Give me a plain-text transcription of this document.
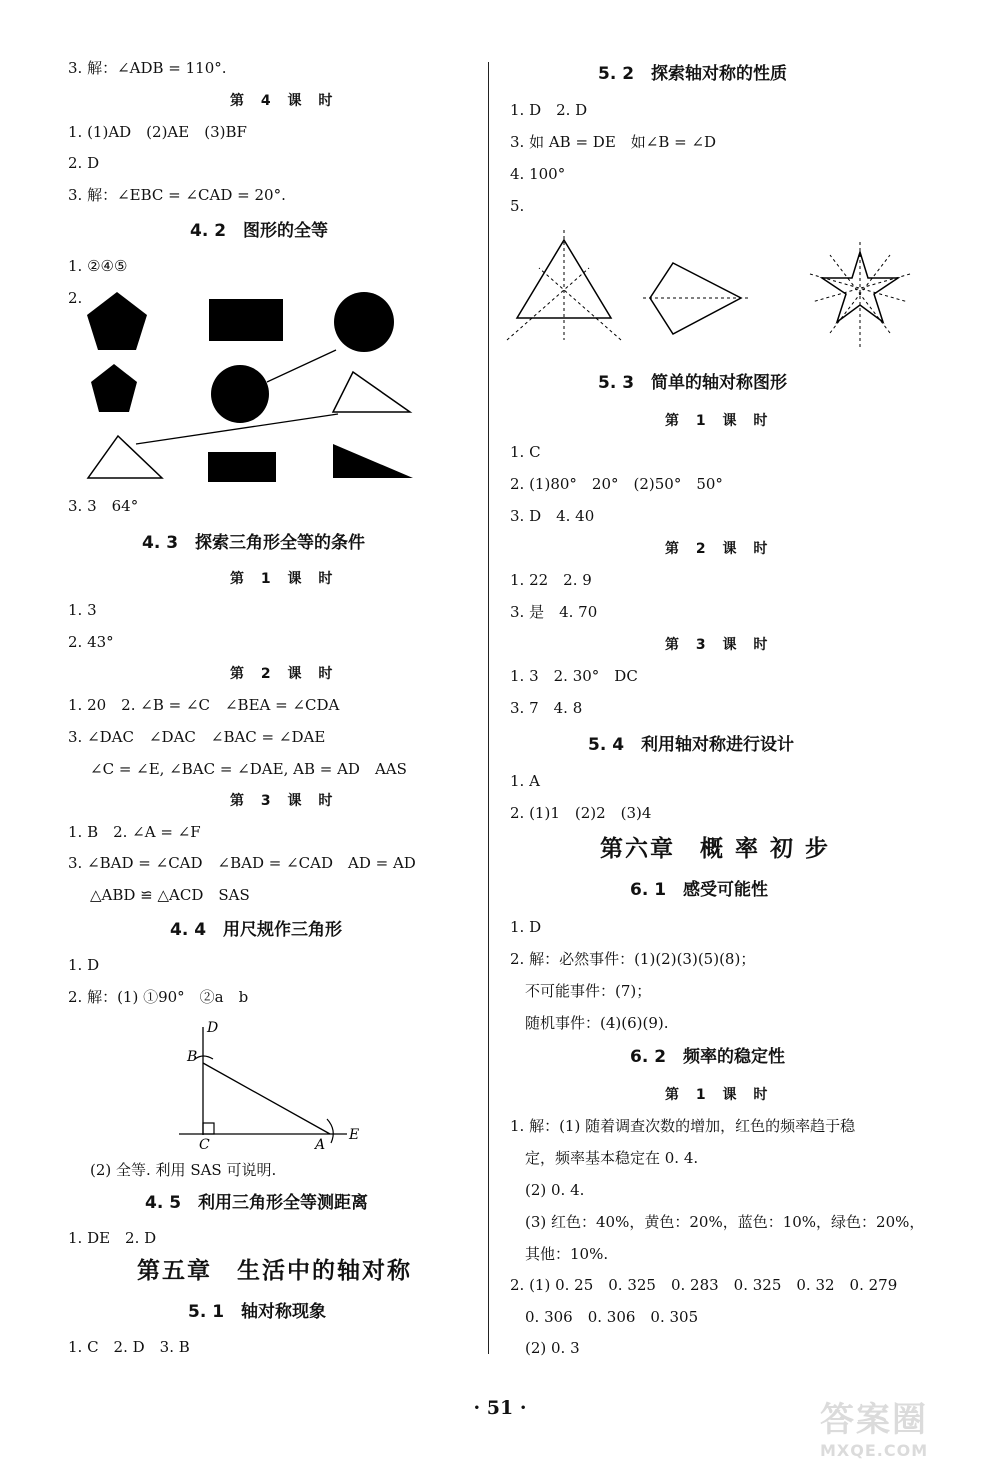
3. 解：∠ADB = 110°.
第 4 课 时
1. (1)AD　(2)AE　(3)BF
2. D
3. 解：∠EBC = ∠CAD = 20°.
4. 2　图形的全等
1. ②④⑤
2.
3. 3　64°
4. 3　探索三角形全等的条件
第 1 课 时
1. 3
2. 43°
第 2 课 时
1. 20　2. ∠B = ∠C　∠BEA = ∠CDA
3. ∠DAC　∠DAC　∠BAC = ∠DAE
∠C = ∠E, ∠BAC = ∠DAE, AB = AD　AAS
第 3 课 时
1. B　2. ∠A = ∠F
3. ∠BAD = ∠CAD　∠BAD = ∠CAD　AD = AD
△ABD ≌ △ACD　SAS
4. 4　用尺规作三角形
1. D
2. 解：(1) ①90°　②a　b
D
B
C	A
E
(2) 全等. 利用 SAS 可说明.
4. 5　利用三角形全等测距离
1. DE　2. D
第五章　生活中的轴对称
5. 1　轴对称现象
1. C　2. D　3. B
5. 2　探索轴对称的性质
1. D　2. D
3. 如 AB = DE　如∠B = ∠D
4. 100°
5.
5. 3　简单的轴对称图形
第 1 课 时
1. C
2. (1)80°　20°　(2)50°　50°
3. D　4. 40
第 2 课 时
1. 22　2. 9
3. 是　4. 70
第 3 课 时
1. 3　2. 30°　DC
3. 7　4. 8
5. 4　利用轴对称进行设计
1. A
2. (1)1　(2)2　(3)4
第六章　概 率 初 步
6. 1　感受可能性
1. D
2. 解：必然事件：(1)(2)(3)(5)(8)；
不可能事件：(7)；
随机事件：(4)(6)(9).
6. 2　频率的稳定性
第 1 课 时
1. 解：(1) 随着调查次数的增加，红色的频率趋于稳
定，频率基本稳定在 0. 4.
(2) 0. 4.
(3) 红色：40%，黄色：20%，蓝色：10%，绿色：20%，
其他：10%.
2. (1) 0. 25　0. 325　0. 283　0. 325　0. 32　0. 279
0. 306　0. 306　0. 305
(2) 0. 3
· 51 ·	答案圈
MXQE.COM
